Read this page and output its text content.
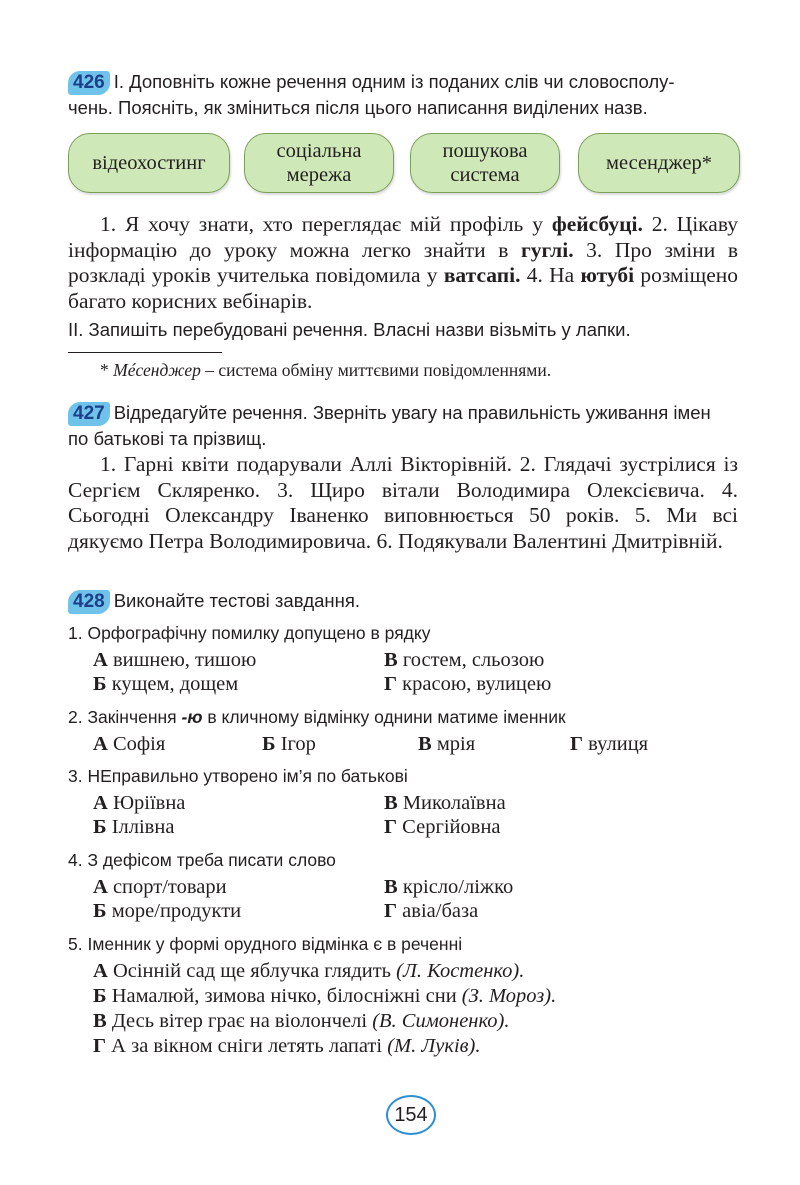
426 І. Доповніть кожне речення одним із поданих слів чи словосполу-
чень. Поясніть, як зміниться після цього написання виділених назв.
відеохостинг
соціальна
мережа
пошукова
система
месенджер*
1. Я хочу знати, хто переглядає мій профіль у фейсбуці. 2. Цікаву інформацію до уроку можна легко знайти в гуглі. 3. Про зміни в розкладі уроків учителька повідомила у ватсапі. 4. На ютубі розміщено багато корисних вебінарів.
ІІ. Запишіть перебудовані речення. Власні назви візьміть у лапки.
* Мéсенджер – система обміну миттєвими повідомленнями.
427 Відредагуйте речення. Зверніть увагу на правильність уживання імен
по батькові та прізвищ.
1. Гарні квіти подарували Аллі Вікторівній. 2. Глядачі зустрілися із Сергієм Скляренко. 3. Щиро вітали Володимира Олексієвича. 4. Сьогодні Олександру Іваненко виповнюється 50 років. 5. Ми всі дякуємо Петра Володимировича. 6. Подякували Валентині Дмитрівній.
428 Виконайте тестові завдання.
1. Орфографічну помилку допущено в рядку
А вишнею, тишою	В гостем, сльозою
Б кущем, дощем	Г красою, вулицею
2. Закінчення -ю в кличному відмінку однини матиме іменник
А Софія	Б Ігор	В мрія	Г вулиця
3. НЕправильно утворено ім’я по батькові
А Юріївна	В Миколаївна
Б Іллівна	Г Сергійовна
4. З дефісом треба писати слово
А спорт/товари	В крісло/ліжко
Б море/продукти	Г авіа/база
5. Іменник у формі орудного відмінка є в реченні
А Осінній сад ще яблучка глядить (Л. Костенко).
Б Намалюй, зимова нічко, білосніжні сни (З. Мороз).
В Десь вітер грає на віолончелі (В. Симоненко).
Г А за вікном сніги летять лапаті (М. Луків).
154
